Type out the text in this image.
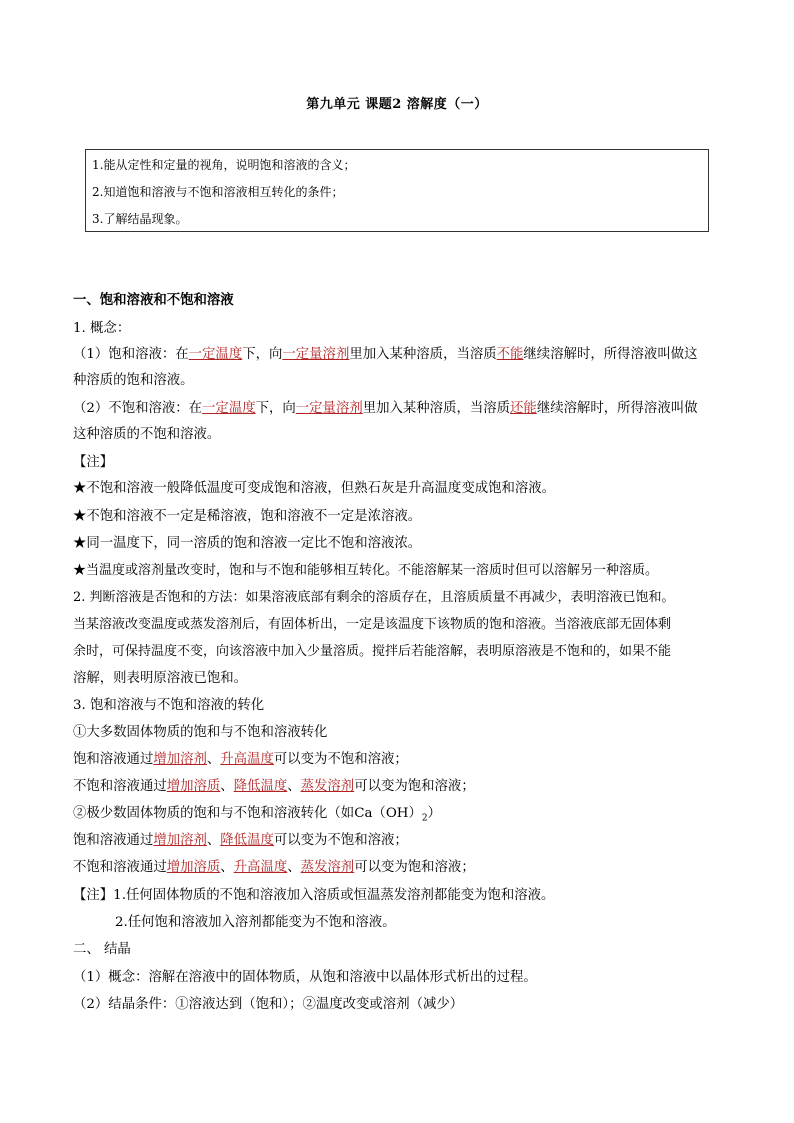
第九单元 课题2 溶解度（一）
1.能从定性和定量的视角，说明饱和溶液的含义；
2.知道饱和溶液与不饱和溶液相互转化的条件；
3.了解结晶现象。
一、饱和溶液和不饱和溶液
1. 概念：
（1）饱和溶液：在一定温度下，向一定量溶剂里加入某种溶质，当溶质不能继续溶解时，所得溶液叫做这
种溶质的饱和溶液。
（2）不饱和溶液：在一定温度下，向一定量溶剂里加入某种溶质，当溶质还能继续溶解时，所得溶液叫做
这种溶质的不饱和溶液。
【注】
★不饱和溶液一般降低温度可变成饱和溶液，但熟石灰是升高温度变成饱和溶液。
★不饱和溶液不一定是稀溶液，饱和溶液不一定是浓溶液。
★同一温度下，同一溶质的饱和溶液一定比不饱和溶液浓。
★当温度或溶剂量改变时，饱和与不饱和能够相互转化。不能溶解某一溶质时但可以溶解另一种溶质。
2. 判断溶液是否饱和的方法：如果溶液底部有剩余的溶质存在，且溶质质量不再减少，表明溶液已饱和。
当某溶液改变温度或蒸发溶剂后，有固体析出，一定是该温度下该物质的饱和溶液。当溶液底部无固体剩
余时，可保持温度不变，向该溶液中加入少量溶质。搅拌后若能溶解，表明原溶液是不饱和的，如果不能
溶解，则表明原溶液已饱和。
3. 饱和溶液与不饱和溶液的转化
①大多数固体物质的饱和与不饱和溶液转化
饱和溶液通过增加溶剂、升高温度可以变为不饱和溶液；
不饱和溶液通过增加溶质、降低温度、蒸发溶剂可以变为饱和溶液；
②极少数固体物质的饱和与不饱和溶液转化（如$Ca(OH)_2$）
饱和溶液通过增加溶剂、降低温度可以变为不饱和溶液；
不饱和溶液通过增加溶质、升高温度、蒸发溶剂可以变为饱和溶液；
【注】1.任何固体物质的不饱和溶液加入溶质或恒温蒸发溶剂都能变为饱和溶液。
2.任何饱和溶液加入溶剂都能变为不饱和溶液。
二、 结晶
（1）概念：溶解在溶液中的固体物质，从饱和溶液中以晶体形式析出的过程。
（2）结晶条件：①溶液达到（饱和）；②温度改变或溶剂（减少）
